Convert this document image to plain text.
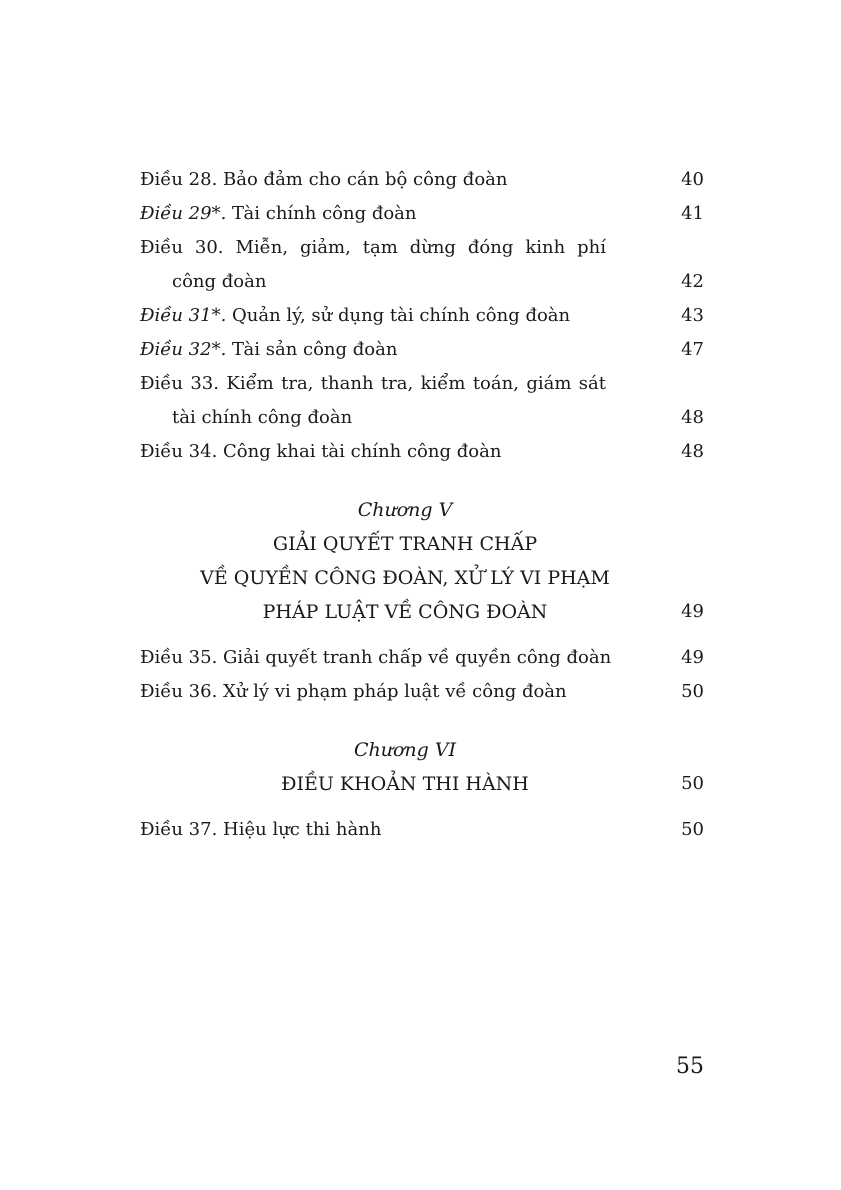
Điều 28. Bảo đảm cho cán bộ công đoàn	40
Điều 29*. Tài chính công đoàn	41
Điều 30. Miễn, giảm, tạm dừng đóng kinh phí
công đoàn	42
Điều 31*. Quản lý, sử dụng tài chính công đoàn	43
Điều 32*. Tài sản công đoàn	47
Điều 33. Kiểm tra, thanh tra, kiểm toán, giám sát
tài chính công đoàn	48
Điều 34. Công khai tài chính công đoàn	48
Chương V
GIẢI QUYẾT TRANH CHẤP
VỀ QUYỀN CÔNG ĐOÀN, XỬ LÝ VI PHẠM
PHÁP LUẬT VỀ CÔNG ĐOÀN	49
Điều 35. Giải quyết tranh chấp về quyền công đoàn	49
Điều 36. Xử lý vi phạm pháp luật về công đoàn	50
Chương VI
ĐIỀU KHOẢN THI HÀNH	50
Điều 37. Hiệu lực thi hành	50
55
